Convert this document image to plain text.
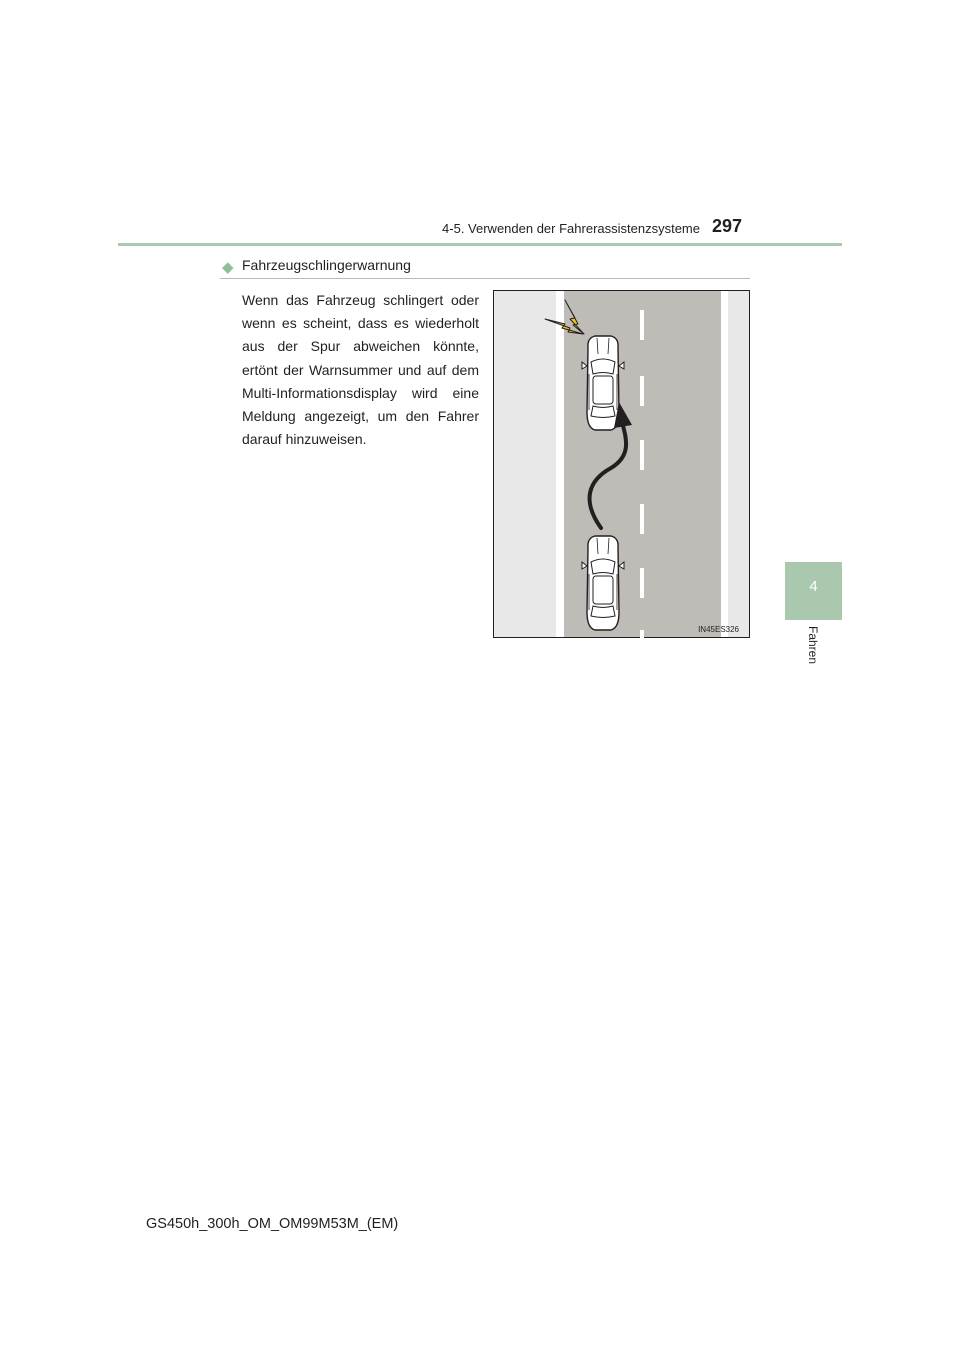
4-5. Verwenden der Fahrerassistenzsysteme 297
4
Fahren
◆ Fahrzeugschlingerwarnung
Wenn das Fahrzeug schlingert oder wenn es scheint, dass es wiederholt aus der Spur abweichen könnte, ertönt der Warnsummer und auf dem Multi-Informationsdisplay wird eine Meldung angezeigt, um den Fahrer darauf hinzuweisen.
IN45ES326
GS450h_300h_OM_OM99M53M_(EM)
